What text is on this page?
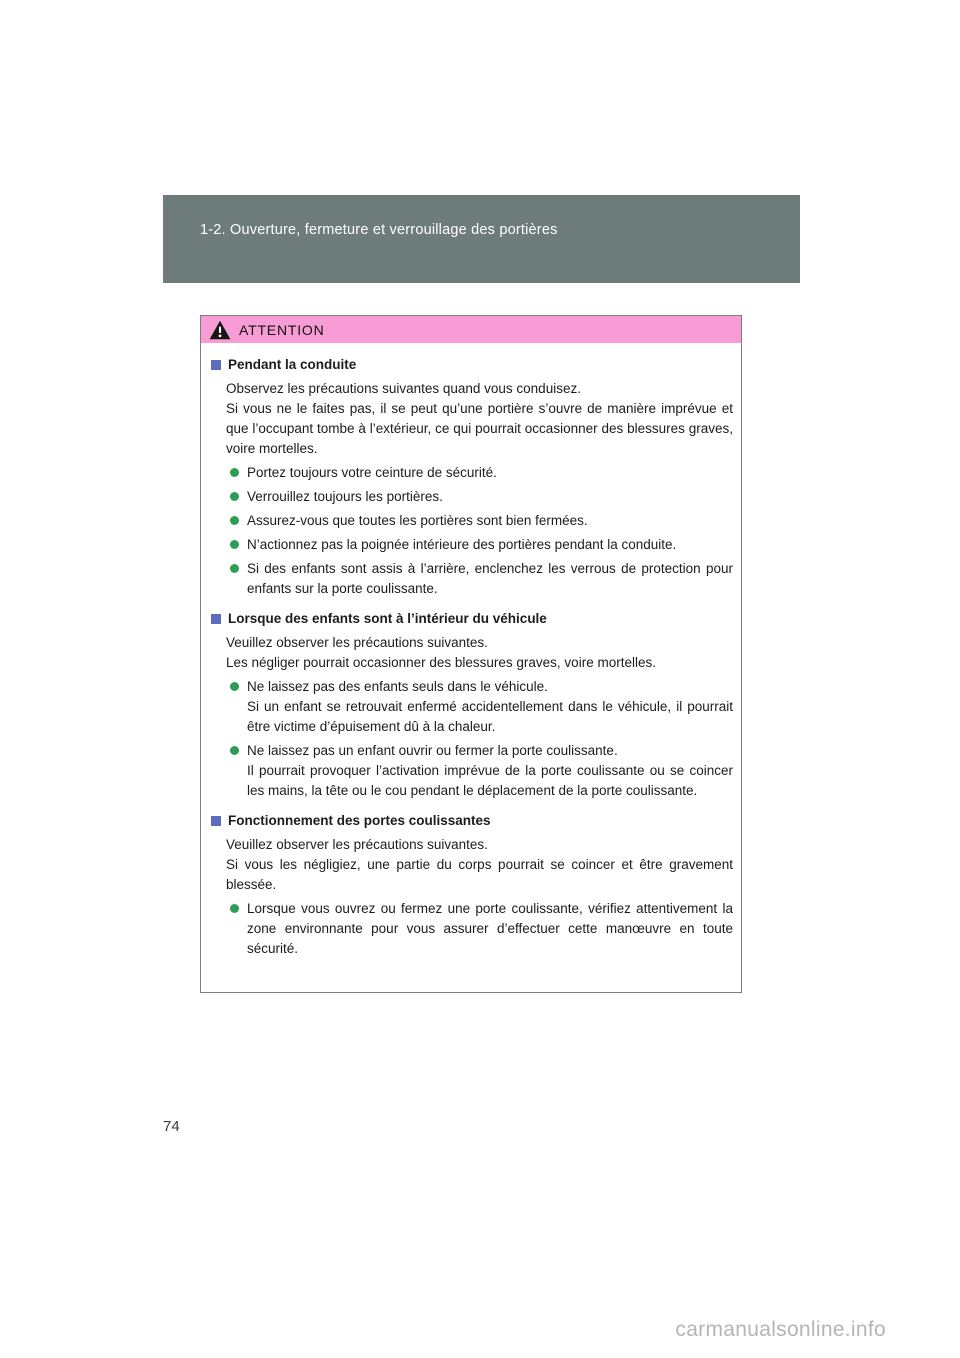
1-2. Ouverture, fermeture et verrouillage des portières
ATTENTION
Pendant la conduite
Observez les précautions suivantes quand vous conduisez.
Si vous ne le faites pas, il se peut qu’une portière s’ouvre de manière imprévue et que l’occupant tombe à l’extérieur, ce qui pourrait occasionner des blessures graves, voire mortelles.
Portez toujours votre ceinture de sécurité.
Verrouillez toujours les portières.
Assurez-vous que toutes les portières sont bien fermées.
N’actionnez pas la poignée intérieure des portières pendant la conduite.
Si des enfants sont assis à l’arrière, enclenchez les verrous de protection pour enfants sur la porte coulissante.
Lorsque des enfants sont à l’intérieur du véhicule
Veuillez observer les précautions suivantes.
Les négliger pourrait occasionner des blessures graves, voire mortelles.
Ne laissez pas des enfants seuls dans le véhicule.
Si un enfant se retrouvait enfermé accidentellement dans le véhicule, il pourrait être victime d’épuisement dû à la chaleur.
Ne laissez pas un enfant ouvrir ou fermer la porte coulissante.
Il pourrait provoquer l’activation imprévue de la porte coulissante ou se coincer les mains, la tête ou le cou pendant le déplacement de la porte coulissante.
Fonctionnement des portes coulissantes
Veuillez observer les précautions suivantes.
Si vous les négligiez, une partie du corps pourrait se coincer et être gravement blessée.
Lorsque vous ouvrez ou fermez une porte coulissante, vérifiez attentivement la zone environnante pour vous assurer d’effectuer cette manœuvre en toute sécurité.
74
carmanualsonline.info
